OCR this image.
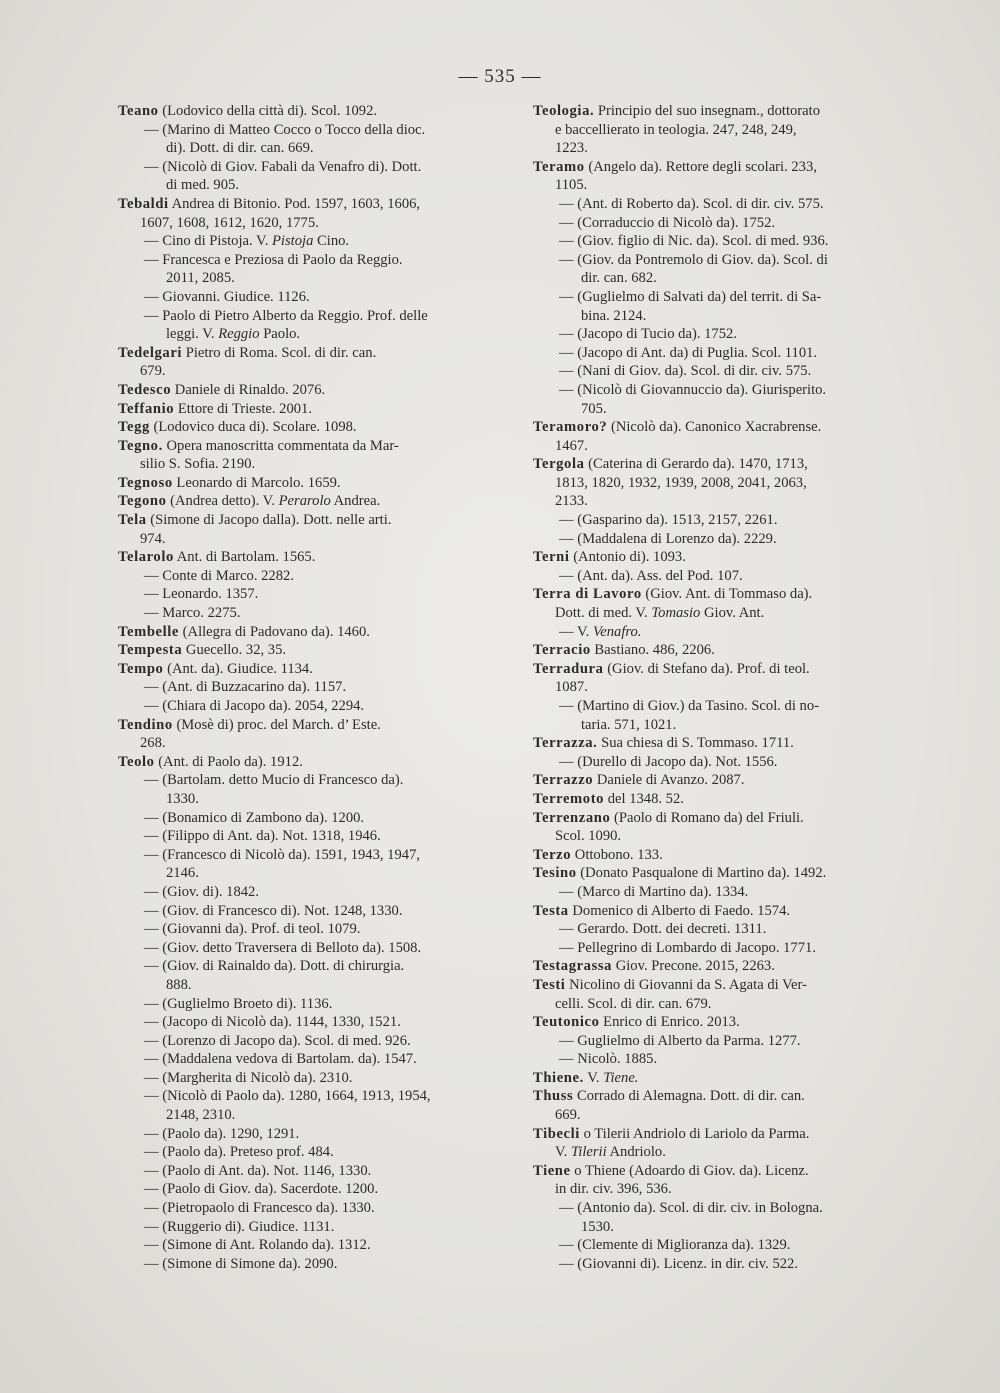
— 535 —
Teano (Lodovico della città di). Scol. 1092.
— (Marino di Matteo Cocco o Tocco della dioc.
di). Dott. di dir. can. 669.
— (Nicolò di Giov. Fabali da Venafro di). Dott.
di med. 905.
Tebaldi Andrea di Bitonio. Pod. 1597, 1603, 1606,
1607, 1608, 1612, 1620, 1775.
— Cino di Pistoja. V. Pistoja Cino.
— Francesca e Preziosa di Paolo da Reggio.
2011, 2085.
— Giovanni. Giudice. 1126.
— Paolo di Pietro Alberto da Reggio. Prof. delle
leggi. V. Reggio Paolo.
Tedelgari Pietro di Roma. Scol. di dir. can.
679.
Tedesco Daniele di Rinaldo. 2076.
Teffanio Ettore di Trieste. 2001.
Tegg (Lodovico duca di). Scolare. 1098.
Tegno. Opera manoscritta commentata da Mar-
silio S. Sofia. 2190.
Tegnoso Leonardo di Marcolo. 1659.
Tegono (Andrea detto). V. Perarolo Andrea.
Tela (Simone di Jacopo dalla). Dott. nelle arti.
974.
Telarolo Ant. di Bartolam. 1565.
— Conte di Marco. 2282.
— Leonardo. 1357.
— Marco. 2275.
Tembelle (Allegra di Padovano da). 1460.
Tempesta Guecello. 32, 35.
Tempo (Ant. da). Giudice. 1134.
— (Ant. di Buzzacarino da). 1157.
— (Chiara di Jacopo da). 2054, 2294.
Tendino (Mosè di) proc. del March. d’ Este.
268.
Teolo (Ant. di Paolo da). 1912.
— (Bartolam. detto Mucio di Francesco da).
1330.
— (Bonamico di Zambono da). 1200.
— (Filippo di Ant. da). Not. 1318, 1946.
— (Francesco di Nicolò da). 1591, 1943, 1947,
2146.
— (Giov. di). 1842.
— (Giov. di Francesco di). Not. 1248, 1330.
— (Giovanni da). Prof. di teol. 1079.
— (Giov. detto Traversera di Belloto da). 1508.
— (Giov. di Rainaldo da). Dott. di chirurgia.
888.
— (Guglielmo Broeto di). 1136.
— (Jacopo di Nicolò da). 1144, 1330, 1521.
— (Lorenzo di Jacopo da). Scol. di med. 926.
— (Maddalena vedova di Bartolam. da). 1547.
— (Margherita di Nicolò da). 2310.
— (Nicolò di Paolo da). 1280, 1664, 1913, 1954,
2148, 2310.
— (Paolo da). 1290, 1291.
— (Paolo da). Preteso prof. 484.
— (Paolo di Ant. da). Not. 1146, 1330.
— (Paolo di Giov. da). Sacerdote. 1200.
— (Pietropaolo di Francesco da). 1330.
— (Ruggerio di). Giudice. 1131.
— (Simone di Ant. Rolando da). 1312.
— (Simone di Simone da). 2090.
Teologia. Principio del suo insegnam., dottorato
e baccellierato in teologia. 247, 248, 249,
1223.
Teramo (Angelo da). Rettore degli scolari. 233,
1105.
— (Ant. di Roberto da). Scol. di dir. civ. 575.
— (Corraduccio di Nicolò da). 1752.
— (Giov. figlio di Nic. da). Scol. di med. 936.
— (Giov. da Pontremolo di Giov. da). Scol. di
dir. can. 682.
— (Guglielmo di Salvati da) del territ. di Sa-
bina. 2124.
— (Jacopo di Tucio da). 1752.
— (Jacopo di Ant. da) di Puglia. Scol. 1101.
— (Nani di Giov. da). Scol. di dir. civ. 575.
— (Nicolò di Giovannuccio da). Giurisperito.
705.
Teramoro? (Nicolò da). Canonico Xacrabrense.
1467.
Tergola (Caterina di Gerardo da). 1470, 1713,
1813, 1820, 1932, 1939, 2008, 2041, 2063,
2133.
— (Gasparino da). 1513, 2157, 2261.
— (Maddalena di Lorenzo da). 2229.
Terni (Antonio di). 1093.
— (Ant. da). Ass. del Pod. 107.
Terra di Lavoro (Giov. Ant. di Tommaso da).
Dott. di med. V. Tomasio Giov. Ant.
— V. Venafro.
Terracio Bastiano. 486, 2206.
Terradura (Giov. di Stefano da). Prof. di teol.
1087.
— (Martino di Giov.) da Tasino. Scol. di no-
taria. 571, 1021.
Terrazza. Sua chiesa di S. Tommaso. 1711.
— (Durello di Jacopo da). Not. 1556.
Terrazzo Daniele di Avanzo. 2087.
Terremoto del 1348. 52.
Terrenzano (Paolo di Romano da) del Friuli.
Scol. 1090.
Terzo Ottobono. 133.
Tesino (Donato Pasqualone di Martino da). 1492.
— (Marco di Martino da). 1334.
Testa Domenico di Alberto di Faedo. 1574.
— Gerardo. Dott. dei decreti. 1311.
— Pellegrino di Lombardo di Jacopo. 1771.
Testagrassa Giov. Precone. 2015, 2263.
Testi Nicolino di Giovanni da S. Agata di Ver-
celli. Scol. di dir. can. 679.
Teutonico Enrico di Enrico. 2013.
— Guglielmo di Alberto da Parma. 1277.
— Nicolò. 1885.
Thiene. V. Tiene.
Thuss Corrado di Alemagna. Dott. di dir. can.
669.
Tibecli o Tilerii Andriolo di Lariolo da Parma.
V. Tilerii Andriolo.
Tiene o Thiene (Adoardo di Giov. da). Licenz.
in dir. civ. 396, 536.
— (Antonio da). Scol. di dir. civ. in Bologna.
1530.
— (Clemente di Miglioranza da). 1329.
— (Giovanni di). Licenz. in dir. civ. 522.
